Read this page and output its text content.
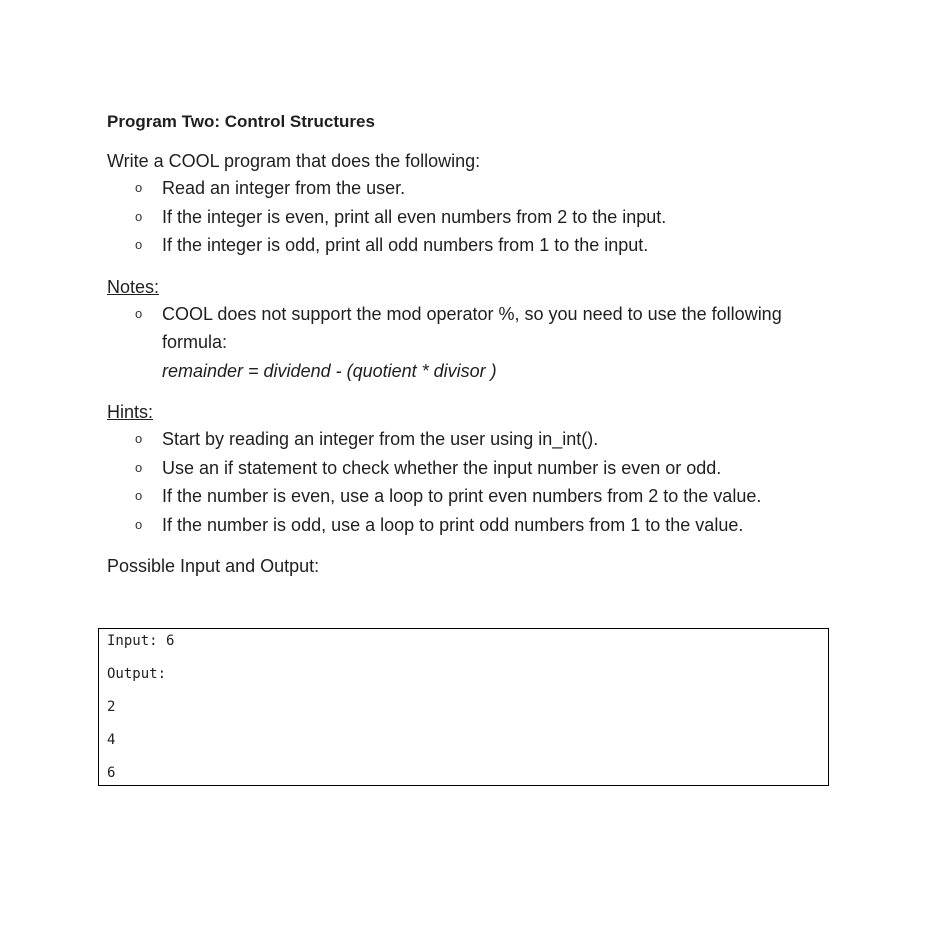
Program Two: Control Structures

Write a COOL program that does the following:

o Read an integer from the user.
o If the integer is even, print all even numbers from 2 to the input.
o If the integer is odd, print all odd numbers from 1 to the input.

Notes:

o COOL does not support the mod operator %, so you need to use the following formula:
remainder = dividend - (quotient * divisor )

Hints:

o Start by reading an integer from the user using in_int().
o Use an if statement to check whether the input number is even or odd.
o If the number is even, use a loop to print even numbers from 2 to the value.
o If the number is odd, use a loop to print odd numbers from 1 to the value.

Possible Input and Output:

Input: 6
Output:
2
4
6
